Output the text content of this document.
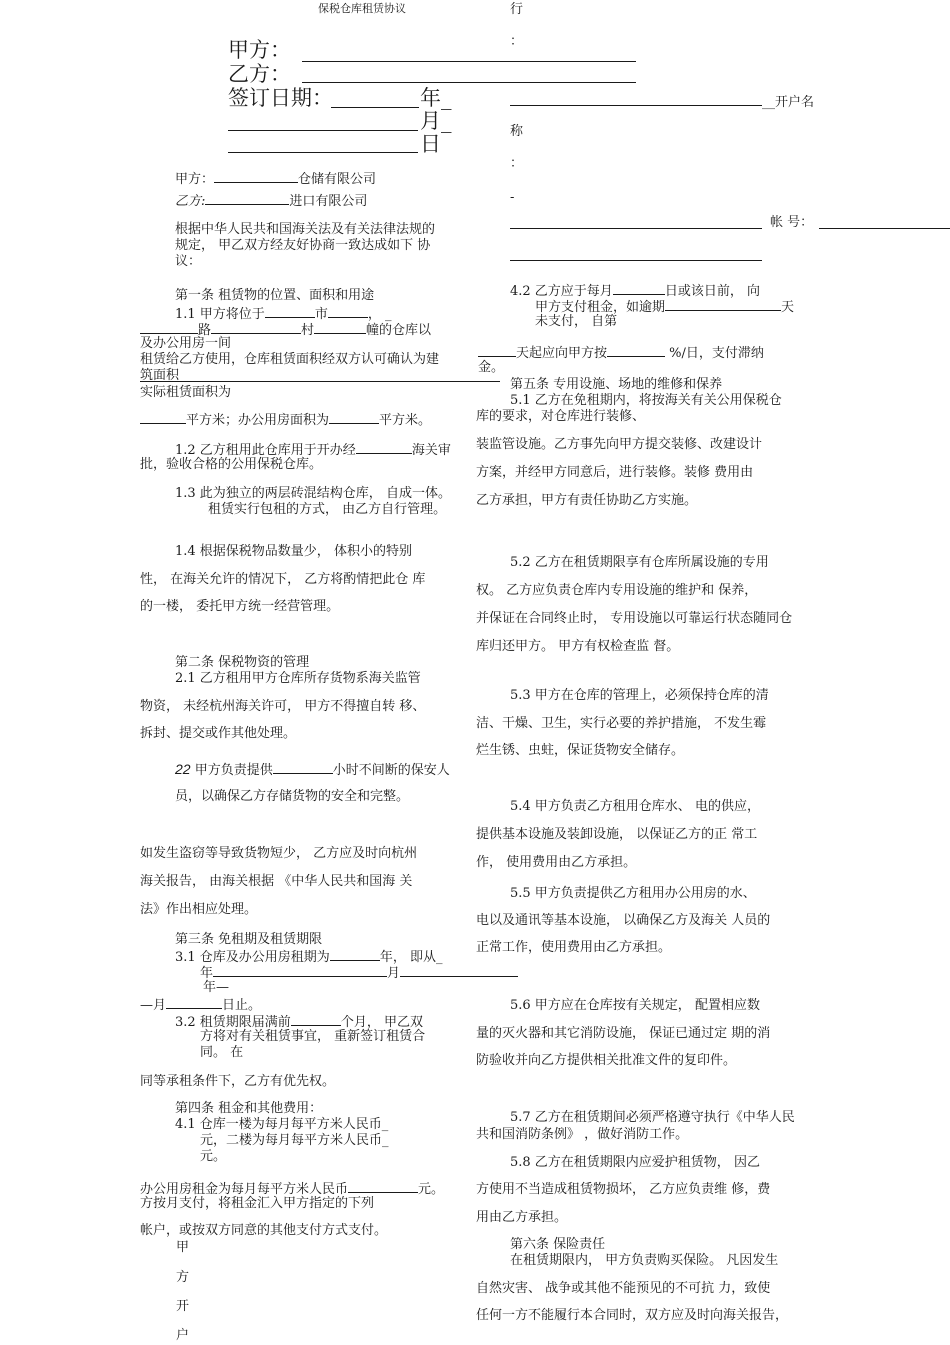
保税仓库租赁协议
甲方：
乙方：
签订日期：	年_
月_
日
甲方：	仓储有限公司
乙方:	进口有限公司
根据中华人民共和国海关法及有关法律法规的
规定， 甲乙双方经友好协商一致达成如下 协
议：
第一条 租赁物的位置、面积和用途
1.1 甲方将位于	市	， _
路	村	幢的仓库以
及办公用房一间
租赁给乙方使用，仓库租赁面积经双方认可确认为建
筑面积
实际租赁面积为
平方米；办公用房面积为	平方米。
1.2 乙方租用此仓库用于开办经	海关审
批，验收合格的公用保税仓库。
1.3 此为独立的两层砖混结构仓库， 自成一体。
租赁实行包租的方式， 由乙方自行管理。
1.4 根据保税物品数量少， 体积小的特别
性， 在海关允许的情况下， 乙方将酌情把此仓 库
的一楼， 委托甲方统一经营管理。
第二条 保税物资的管理
2.1 乙方租用甲方仓库所存货物系海关监管
物资， 未经杭州海关许可， 甲方不得擅自转 移、
拆封、提交或作其他处理。
22 甲方负责提供	小时不间断的保安人
员，以确保乙方存储货物的安全和完整。
如发生盗窃等导致货物短少， 乙方应及时向杭州
海关报告， 由海关根据 《中华人民共和国海 关
法》作出相应处理。
第三条 免租期及租赁期限
3.1 仓库及办公用房租期为	年， 即从_
年	月
年—
—月	日止。
3.2 租赁期限届满前	个月， 甲乙双
方将对有关租赁事宜， 重新签订租赁合
同。 在
同等承租条件下，乙方有优先权。
第四条 租金和其他费用：
4.1 仓库一楼为每月每平方米人民币_
元，二楼为每月每平方米人民币_
元。
办公用房租金为每月每平方米人民币	元。
方按月支付，将租金汇入甲方指定的下列
帐户，或按双方同意的其他支付方式支付。
甲
方
开
户
行
：
__开户名
称
：
-
帐 号：
4.2 乙方应于每月	日或该日前， 向
甲方支付租金，如逾期	天
未支付， 自第
天起应向甲方按	%/日，支付滞纳
金。
第五条 专用设施、场地的维修和保养
5.1 乙方在免租期内，将按海关有关公用保税仓
库的要求，对仓库进行装修、
装监管设施。乙方事先向甲方提交装修、改建设计
方案，并经甲方同意后，进行装修。装修 费用由
乙方承担，甲方有责任协助乙方实施。
5.2 乙方在租赁期限享有仓库所属设施的专用
权。 乙方应负责仓库内专用设施的维护和 保养，
并保证在合同终止时， 专用设施以可靠运行状态随同仓
库归还甲方。 甲方有权检查监 督。
5.3 甲方在仓库的管理上，必须保持仓库的清
洁、干燥、卫生，实行必要的养护措施， 不发生霉
烂生锈、虫蛀，保证货物安全储存。
5.4 甲方负责乙方租用仓库水、 电的供应，
提供基本设施及装卸设施， 以保证乙方的正 常工
作， 使用费用由乙方承担。
5.5 甲方负责提供乙方租用办公用房的水、
电以及通讯等基本设施， 以确保乙方及海关 人员的
正常工作，使用费用由乙方承担。
5.6 甲方应在仓库按有关规定， 配置相应数
量的灭火器和其它消防设施， 保证已通过定 期的消
防验收并向乙方提供相关批准文件的复印件。
5.7 乙方在租赁期间必须严格遵守执行《中华人民
共和国消防条例》 ，做好消防工作。
5.8 乙方在租赁期限内应爱护租赁物， 因乙
方使用不当造成租赁物损坏， 乙方应负责维 修，费
用由乙方承担。
第六条 保险责任
在租赁期限内， 甲方负责购买保险。 凡因发生
自然灾害、 战争或其他不能预见的不可抗 力，致使
任何一方不能履行本合同时，双方应及时向海关报告，
